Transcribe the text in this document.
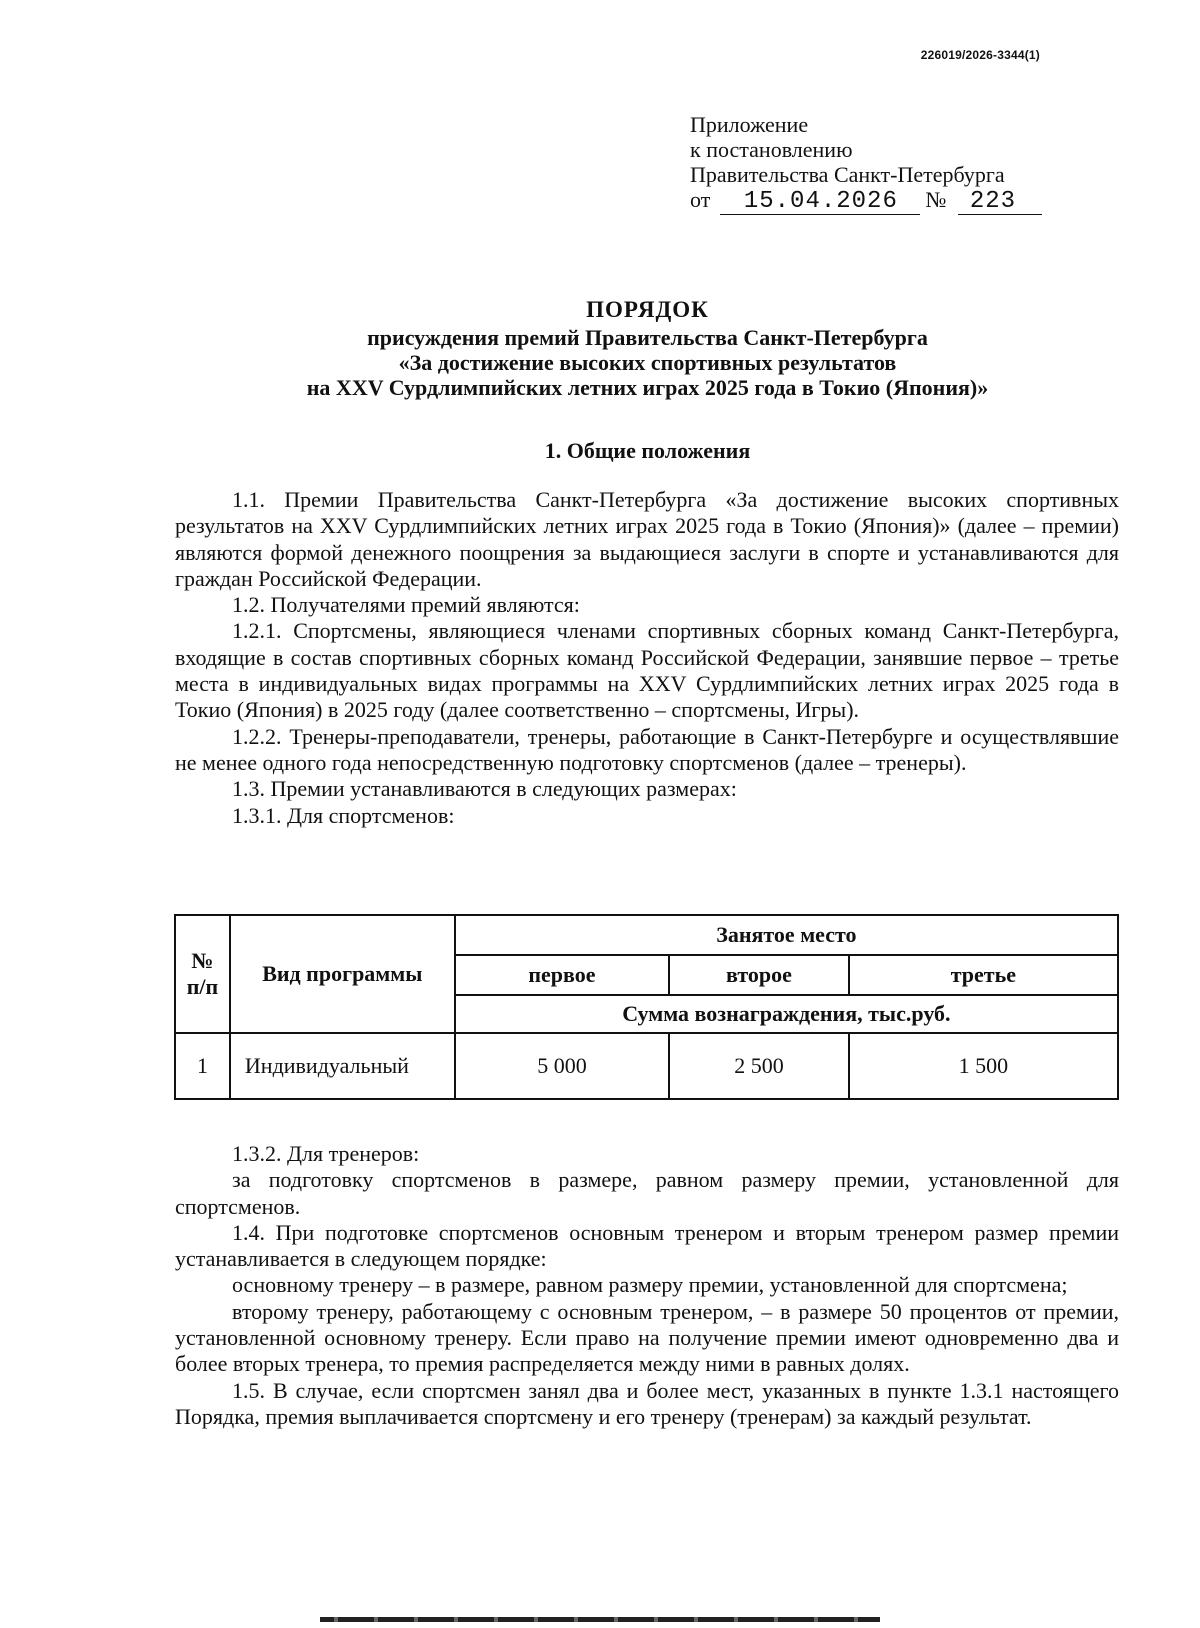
226019/2026-3344(1)
Приложение
к постановлению
Правительства Санкт-Петербурга
от 15.04.2026 № 223
ПОРЯДОК
присуждения премий Правительства Санкт-Петербурга
«За достижение высоких спортивных результатов
на XXV Сурдлимпийских летних играх 2025 года в Токио (Япония)»
1. Общие положения

1.1. Премии Правительства Санкт-Петербурга «За достижение высоких спортивных результатов на XXV Сурдлимпийских летних играх 2025 года в Токио (Япония)» (далее – премии) являются формой денежного поощрения за выдающиеся заслуги в спорте и устанавливаются для граждан Российской Федерации.

1.2. Получателями премий являются:

1.2.1. Спортсмены, являющиеся членами спортивных сборных команд Санкт-Петербурга, входящие в состав спортивных сборных команд Российской Федерации, занявшие первое – третье места в индивидуальных видах программы на XXV Сурдлимпийских летних играх 2025 года в Токио (Япония) в 2025 году (далее соответственно – спортсмены, Игры).

1.2.2. Тренеры-преподаватели, тренеры, работающие в Санкт-Петербурге и осуществлявшие не менее одного года непосредственную подготовку спортсменов (далее – тренеры).

1.3. Премии устанавливаются в следующих размерах:

1.3.1. Для спортсменов:

№ п/п	Вид программы	Занятое место		
		первое	второе	третье
		Сумма вознаграждения, тыс.руб.		
1	Индивидуальный	5 000	2 500	1 500

1.3.2. Для тренеров:

за подготовку спортсменов в размере, равном размеру премии, установленной для спортсменов.

1.4. При подготовке спортсменов основным тренером и вторым тренером размер премии устанавливается в следующем порядке:

основному тренеру – в размере, равном размеру премии, установленной для спортсмена;

второму тренеру, работающему с основным тренером, – в размере 50 процентов от премии, установленной основному тренеру. Если право на получение премии имеют одновременно два и более вторых тренера, то премия распределяется между ними в равных долях.

1.5. В случае, если спортсмен занял два и более мест, указанных в пункте 1.3.1 настоящего Порядка, премия выплачивается спортсмену и его тренеру (тренерам) за каждый результат.
